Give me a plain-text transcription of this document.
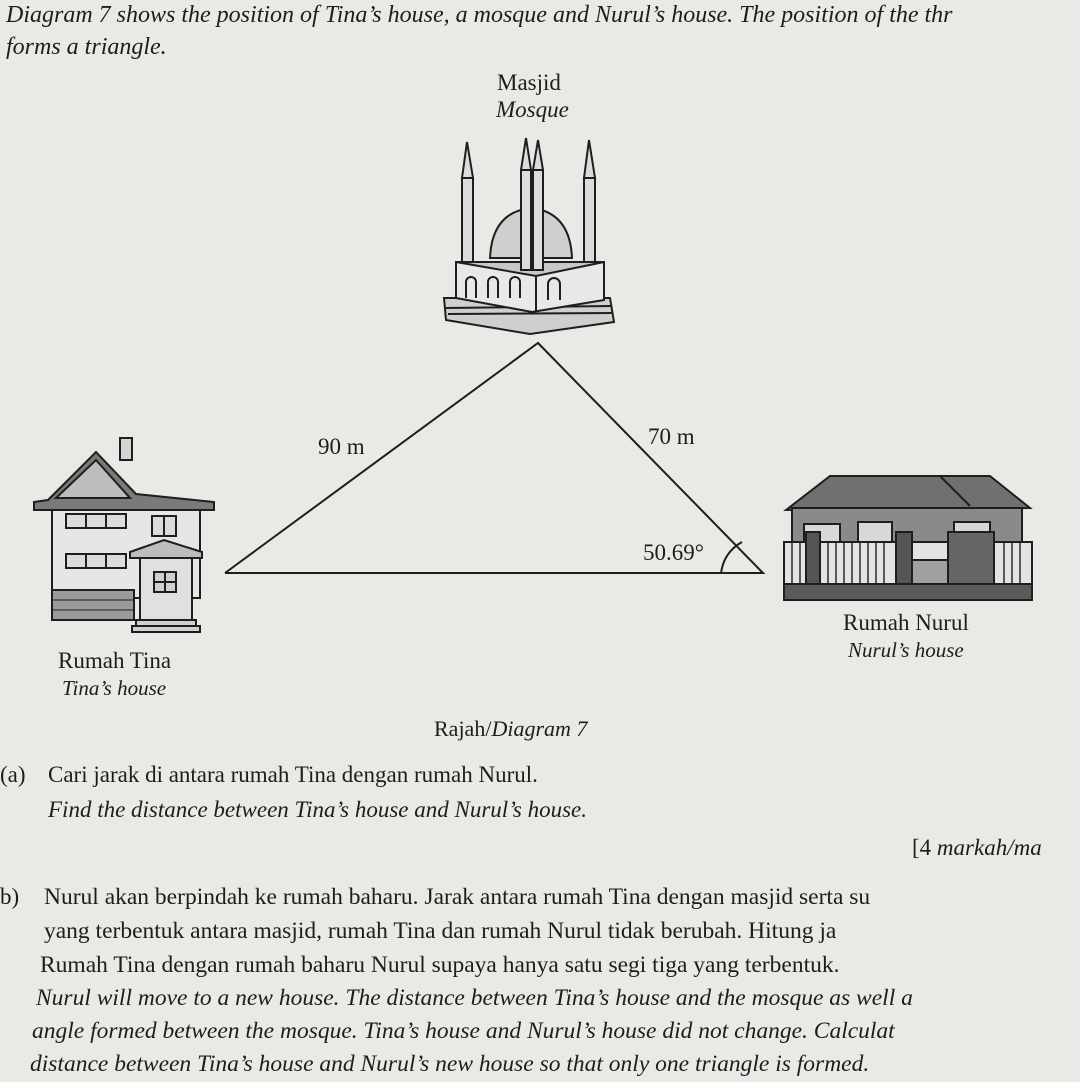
Diagram 7 shows the position of Tina’s house, a mosque and Nurul’s house. The position of the thr
forms a triangle.
Masjid
Mosque
90 m	70 m
50.69°
Rumah Tina
Tina’s house
Rumah Nurul
Nurul’s house
Rajah/Diagram 7
(a) Cari jarak di antara rumah Tina dengan rumah Nurul.
Find the distance between Tina’s house and Nurul’s house.
[4 markah/ma
b) Nurul akan berpindah ke rumah baharu. Jarak antara rumah Tina dengan masjid serta su
yang terbentuk antara masjid, rumah Tina dan rumah Nurul tidak berubah. Hitung ja
Rumah Tina dengan rumah baharu Nurul supaya hanya satu segi tiga yang terbentuk.
Nurul will move to a new house. The distance between Tina’s house and the mosque as well a
angle formed between the mosque. Tina’s house and Nurul’s house did not change. Calculat
distance between Tina’s house and Nurul’s new house so that only one triangle is formed.
